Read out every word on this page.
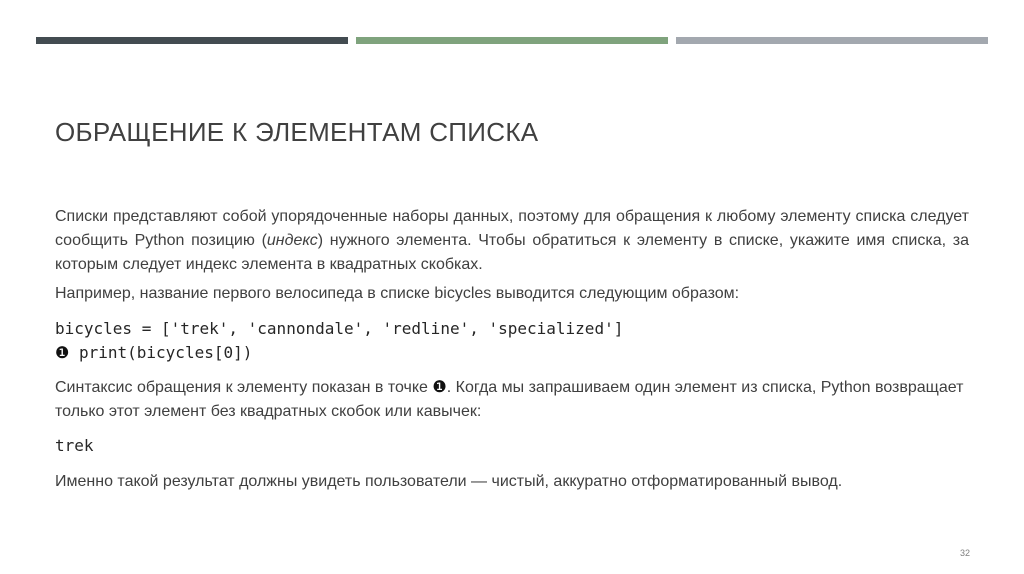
ОБРАЩЕНИЕ К ЭЛЕМЕНТАМ СПИСКА

Списки представляют собой упорядоченные наборы данных, поэтому для обращения к любому элементу списка следует сообщить Python позицию (индекс) нужного элемента. Чтобы обратиться к элементу в списке, укажите имя списка, за которым следует индекс элемента в квадратных скобках.

Например, название первого велосипеда в списке bicycles выводится следующим образом:

bicycles = ['trek', 'cannondale', 'redline', 'specialized']

❶ print(bicycles[0])

Синтаксис обращения к элементу показан в точке ❶. Когда мы запрашиваем один элемент из списка, Python возвращает только этот элемент без квадратных скобок или кавычек:

trek

Именно такой результат должны увидеть пользователи — чистый, аккуратно отформатированный вывод.

32
